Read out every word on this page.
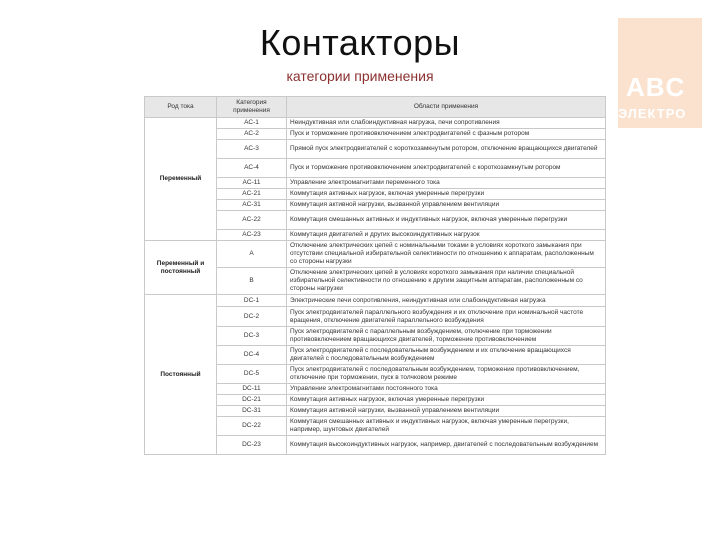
Контакторы
категории применения	ABC
ЭЛЕКТРО
Род тока	Категория применения	Области применения
Переменный	AC-1	Неиндуктивная или слабоиндуктивная нагрузка, печи сопротивления
	AC-2	Пуск и торможение противовключением электродвигателей с фазным ротором
	AC-3	Прямой пуск электродвигателей с короткозамкнутым ротором, отключение вращающихся двигателей
	AC-4	Пуск и торможение противовключением электродвигателей с короткозамкнутым ротором
	AC-11	Управление электромагнитами переменного тока
	AC-21	Коммутация активных нагрузок, включая умеренные перегрузки
	AC-31	Коммутация активной нагрузки, вызванной управлением вентиляции
	AC-22	Коммутация смешанных активных и индуктивных нагрузок, включая умеренные перегрузки
	AC-23	Коммутация двигателей и других высокоиндуктивных нагрузок
Переменный и постоянный	А	Отключение электрических цепей с номинальными токами в условиях короткого замыкания при отсутствии специальной избирательной селективности по отношению к аппаратам, расположенным со стороны нагрузки
	В	Отключение электрических цепей в условиях короткого замыкания при наличии специальной избирательной селективности по отношению к другим защитным аппаратам, расположенным со стороны нагрузки
Постоянный	DC-1	Электрические печи сопротивления, неиндуктивная или слабоиндуктивная нагрузка
	DC-2	Пуск электродвигателей параллельного возбуждения и их отключение при номинальной частоте вращения, отключение двигателей параллельного возбуждения
	DC-3	Пуск электродвигателей с параллельным возбуждением, отключение при торможении противовключением вращающихся двигателей, торможение противовключением
	DC-4	Пуск электродвигателей с последовательным возбуждением и их отключение вращающихся двигателей с последовательным возбуждением
	DC-5	Пуск электродвигателей с последовательным возбуждением, торможение противовключением, отключение при торможении, пуск в толчковом режиме
	DC-11	Управление электромагнитами постоянного тока
	DC-21	Коммутация активных нагрузок, включая умеренные перегрузки
	DC-31	Коммутация активной нагрузки, вызванной управлением вентиляции
	DC-22	Коммутация смешанных активных и индуктивных нагрузок, включая умеренные перегрузки, например, шунтовых двигателей
	DC-23	Коммутация высокоиндуктивных нагрузок, например, двигателей с последовательным возбуждением
